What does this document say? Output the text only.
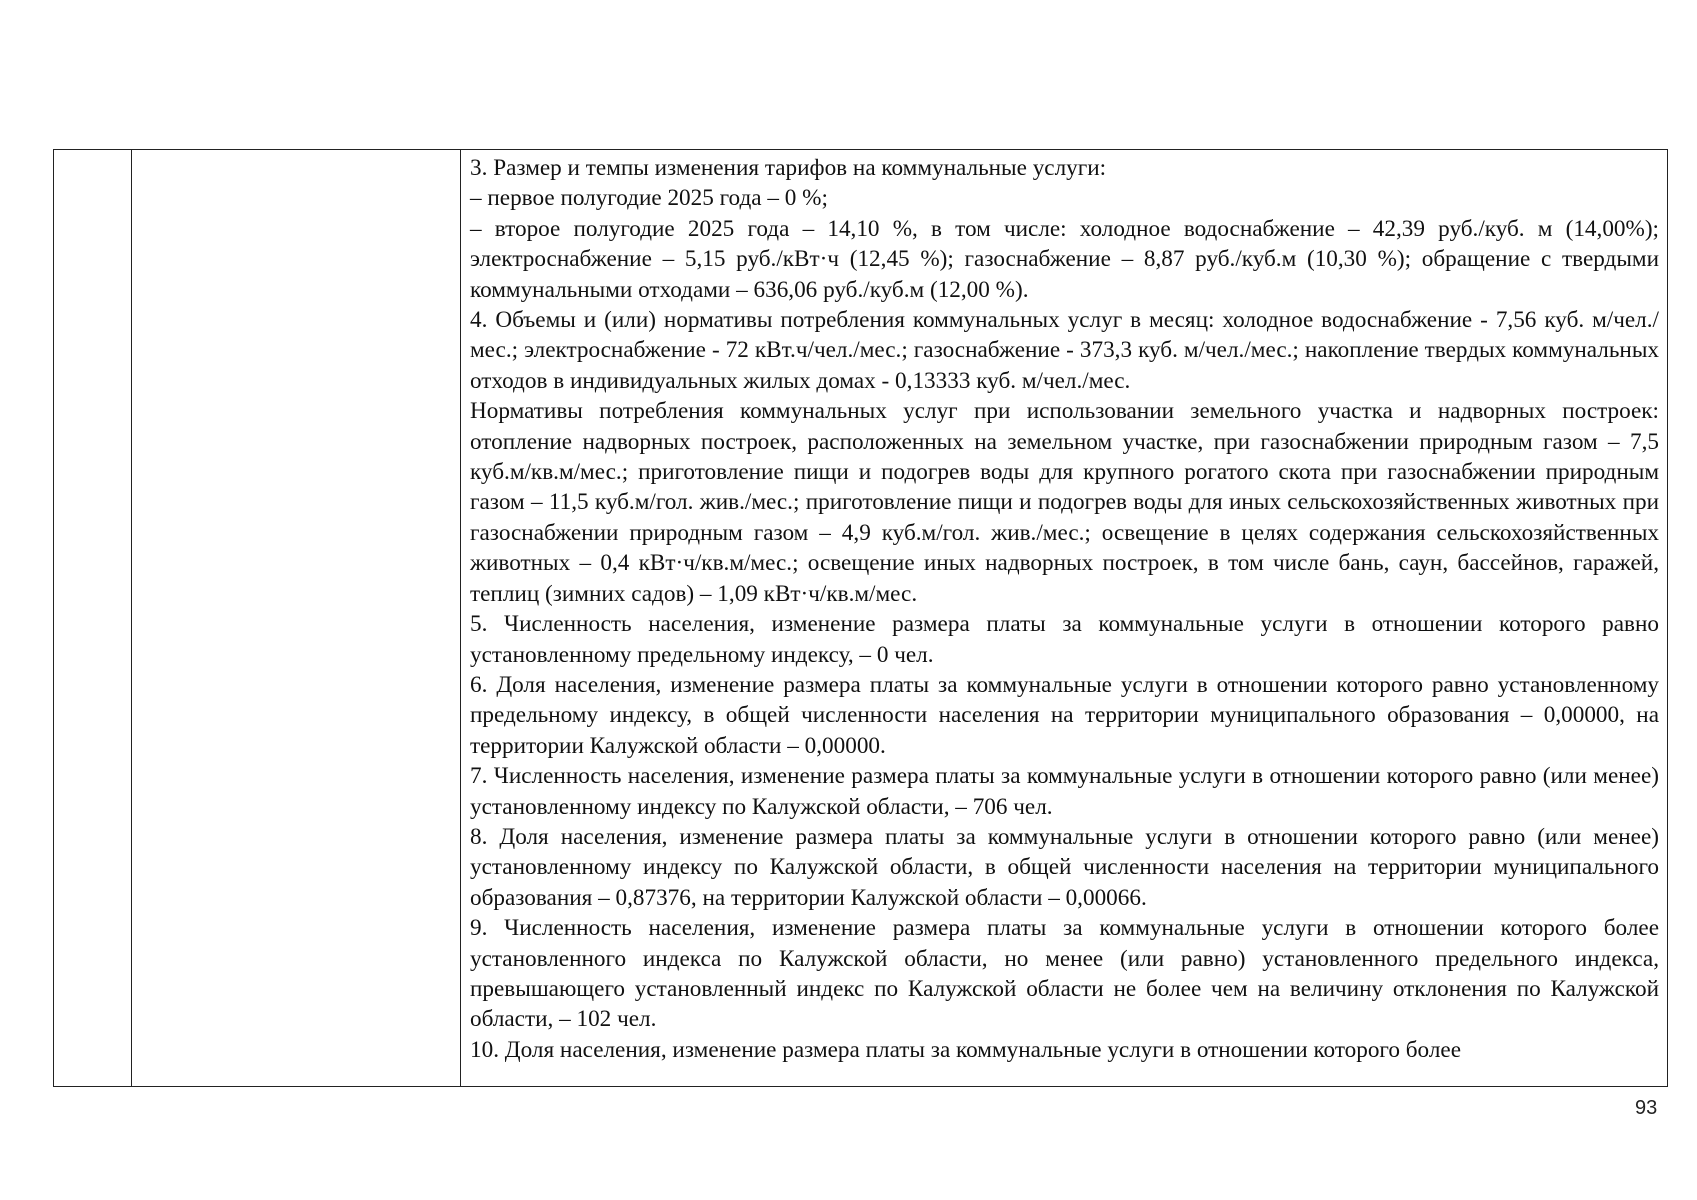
3. Размер и темпы изменения тарифов на коммунальные услуги:

– первое полугодие 2025 года – 0 %;

– второе полугодие 2025 года – 14,10 %, в том числе: холодное водоснабжение – 42,39 руб./куб. м (14,00%); электроснабжение – 5,15 руб./кВт·ч (12,45 %); газоснабжение – 8,87 руб./куб.м (10,30 %); обращение с твердыми коммунальными отходами – 636,06 руб./куб.м (12,00 %).

4. Объемы и (или) нормативы потребления коммунальных услуг в месяц: холодное водоснабжение - 7,56 куб. м/чел./мес.; электроснабжение - 72 кВт.ч/чел./мес.; газоснабжение - 373,3 куб. м/чел./мес.; накопление твердых коммунальных отходов в индивидуальных жилых домах - 0,13333 куб. м/чел./мес.

Нормативы потребления коммунальных услуг при использовании земельного участка и надворных построек: отопление надворных построек, расположенных на земельном участке, при газоснабжении природным газом – 7,5 куб.м/кв.м/мес.; приготовление пищи и подогрев воды для крупного рогатого скота при газоснабжении природным газом – 11,5 куб.м/гол. жив./мес.; приготовление пищи и подогрев воды для иных сельскохозяйственных животных при газоснабжении природным газом – 4,9 куб.м/гол. жив./мес.; освещение в целях содержания сельскохозяйственных животных – 0,4 кВт·ч/кв.м/мес.; освещение иных надворных построек, в том числе бань, саун, бассейнов, гаражей, теплиц (зимних садов) – 1,09 кВт·ч/кв.м/мес.

5. Численность населения, изменение размера платы за коммунальные услуги в отношении которого равно установленному предельному индексу, – 0 чел.

6. Доля населения, изменение размера платы за коммунальные услуги в отношении которого равно установленному предельному индексу, в общей численности населения на территории муниципального образования – 0,00000, на территории Калужской области – 0,00000.

7. Численность населения, изменение размера платы за коммунальные услуги в отношении которого равно (или менее) установленному индексу по Калужской области, – 706 чел.

8. Доля населения, изменение размера платы за коммунальные услуги в отношении которого равно (или менее) установленному индексу по Калужской области, в общей численности населения на территории муниципального образования – 0,87376, на территории Калужской области – 0,00066.

9. Численность населения, изменение размера платы за коммунальные услуги в отношении которого более установленного индекса по Калужской области, но менее (или равно) установленного предельного индекса, превышающего установленный индекс по Калужской области не более чем на величину отклонения по Калужской области, – 102 чел.

10. Доля населения, изменение размера платы за коммунальные услуги в отношении которого более

93
